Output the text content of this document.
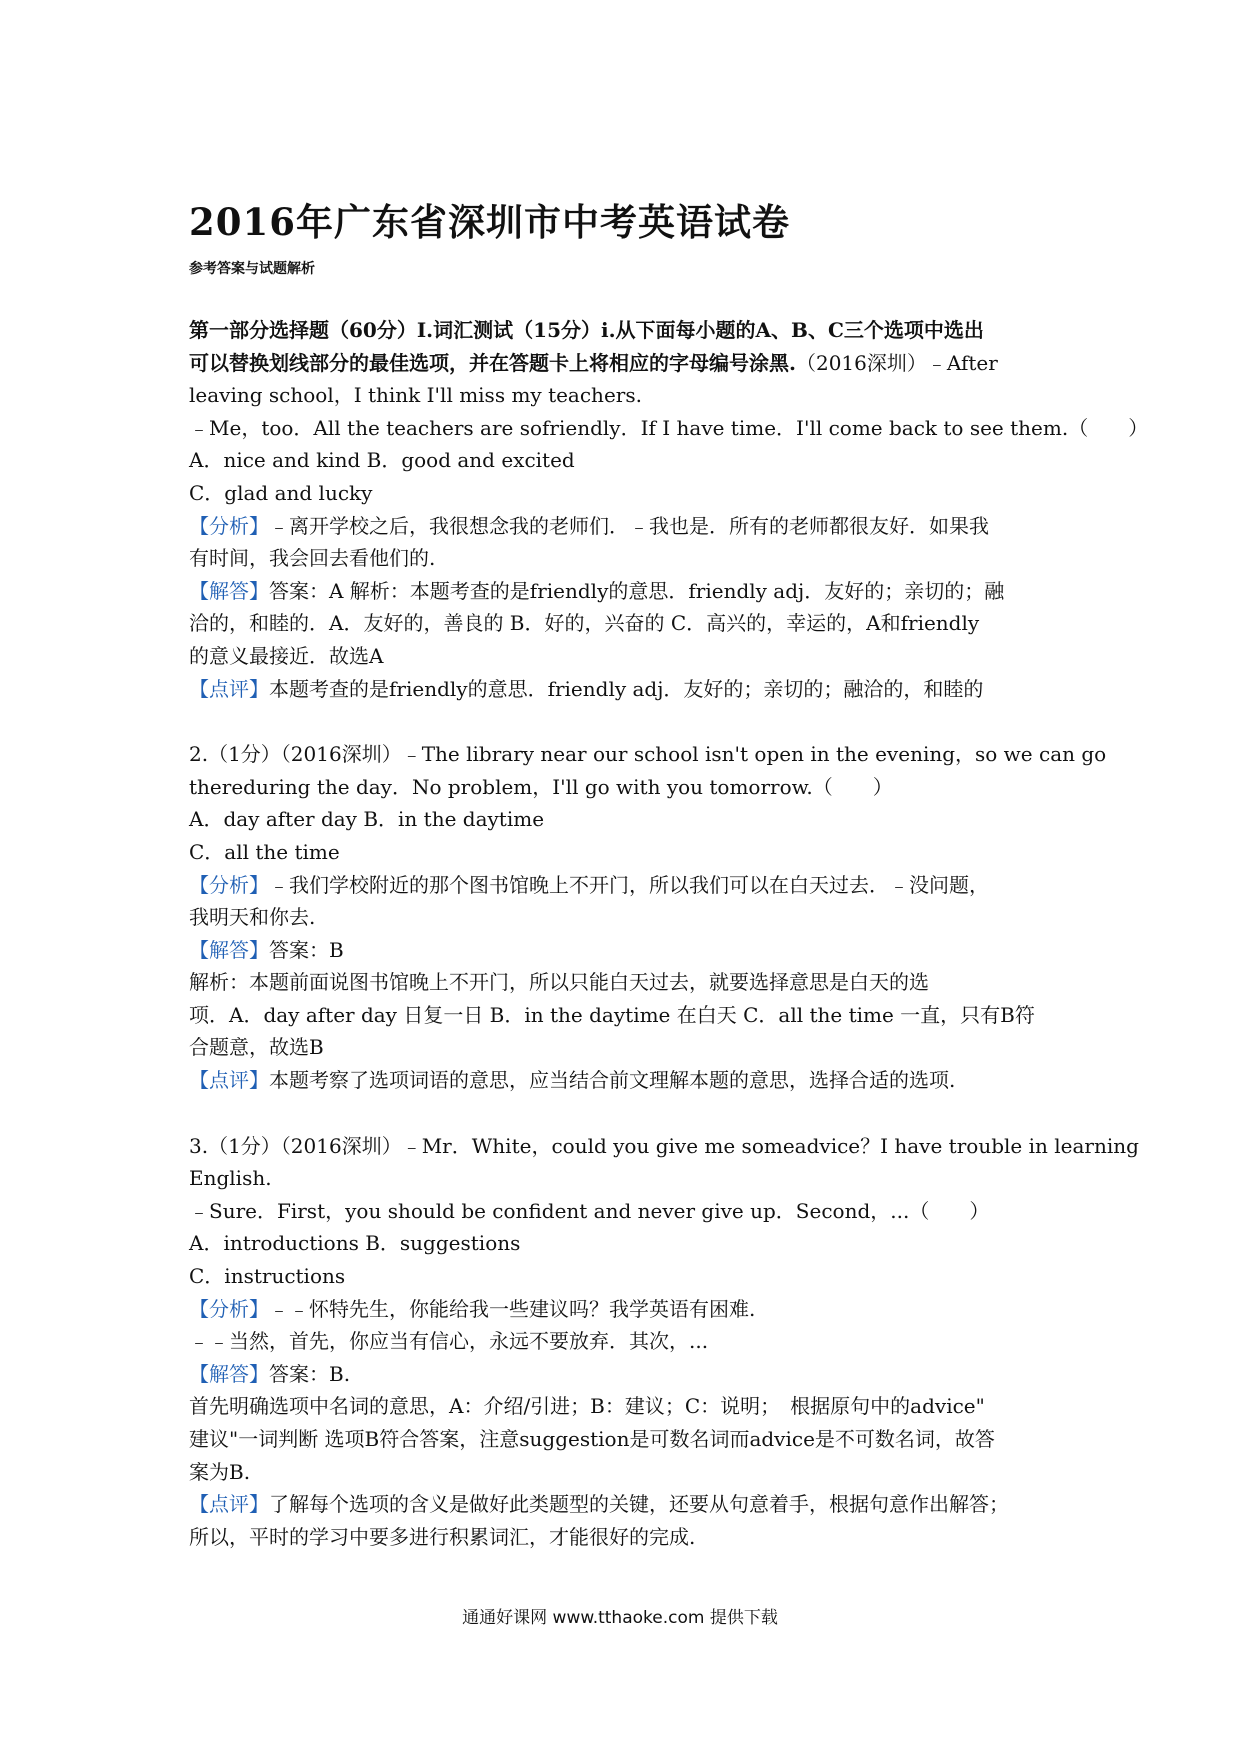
2016年广东省深圳市中考英语试卷
参考答案与试题解析
第一部分选择题（60分）I.词汇测试（15分）i.从下面每小题的A、B、C三个选项中选出
可以替换划线部分的最佳选项，并在答题卡上将相应的字母编号涂黑.（2016深圳）﹣After
leaving school，I think I'll miss my teachers.
﹣Me，too．All the teachers are sofriendly．If I have time．I'll come back to see them.（　　）
A．nice and kind B．good and excited
C．glad and lucky
【分析】﹣离开学校之后，我很想念我的老师们．﹣我也是．所有的老师都很友好．如果我
有时间，我会回去看他们的.
【解答】答案：A 解析：本题考查的是friendly的意思．friendly adj．友好的；亲切的；融
洽的，和睦的．A．友好的，善良的 B．好的，兴奋的 C．高兴的，幸运的，A和friendly
的意义最接近．故选A
【点评】本题考查的是friendly的意思．friendly adj．友好的；亲切的；融洽的，和睦的
2.（1分）（2016深圳）﹣The library near our school isn't open in the evening，so we can go
thereduring the day．No problem，I'll go with you tomorrow.（　　）
A．day after day B．in the daytime
C．all the time
【分析】﹣我们学校附近的那个图书馆晚上不开门，所以我们可以在白天过去．﹣没问题，
我明天和你去.
【解答】答案：B
解析：本题前面说图书馆晚上不开门，所以只能白天过去，就要选择意思是白天的选
项．A．day after day 日复一日 B．in the daytime 在白天 C．all the time 一直，只有B符
合题意，故选B
【点评】本题考察了选项词语的意思，应当结合前文理解本题的意思，选择合适的选项.
3.（1分）（2016深圳）﹣Mr．White，could you give me someadvice？I have trouble in learning
English.
﹣Sure．First，you should be confident and never give up．Second，...（　　）
A．introductions B．suggestions
C．instructions
【分析】﹣﹣怀特先生，你能给我一些建议吗？我学英语有困难.
﹣﹣当然，首先，你应当有信心，永远不要放弃．其次，...
【解答】答案：B.
首先明确选项中名词的意思，A：介绍/引进；B：建议；C：说明；　根据原句中的advice"
建议"一词判断 选项B符合答案，注意suggestion是可数名词而advice是不可数名词，故答
案为B.
【点评】了解每个选项的含义是做好此类题型的关键，还要从句意着手，根据句意作出解答；
所以，平时的学习中要多进行积累词汇，才能很好的完成.
通通好课网 www.tthaoke.com 提供下载
